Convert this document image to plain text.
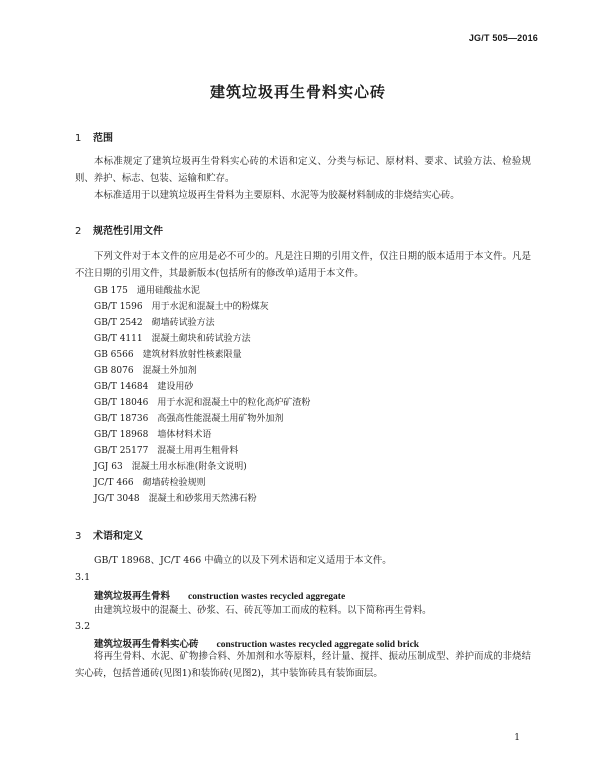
JG/T 505—2016
建筑垃圾再生骨料实心砖
1 范围
本标准规定了建筑垃圾再生骨料实心砖的术语和定义、分类与标记、原材料、要求、试验方法、检验规则、养护、标志、包装、运输和贮存。
本标准适用于以建筑垃圾再生骨料为主要原料、水泥等为胶凝材料制成的非烧结实心砖。
2 规范性引用文件
下列文件对于本文件的应用是必不可少的。凡是注日期的引用文件，仅注日期的版本适用于本文件。凡是不注日期的引用文件，其最新版本(包括所有的修改单)适用于本文件。
GB 175 通用硅酸盐水泥
GB/T 1596 用于水泥和混凝土中的粉煤灰
GB/T 2542 砌墙砖试验方法
GB/T 4111 混凝土砌块和砖试验方法
GB 6566 建筑材料放射性核素限量
GB 8076 混凝土外加剂
GB/T 14684 建设用砂
GB/T 18046 用于水泥和混凝土中的粒化高炉矿渣粉
GB/T 18736 高强高性能混凝土用矿物外加剂
GB/T 18968 墙体材料术语
GB/T 25177 混凝土用再生粗骨料
JGJ 63 混凝土用水标准(附条文说明)
JC/T 466 砌墙砖检验规则
JG/T 3048 混凝土和砂浆用天然沸石粉
3 术语和定义
GB/T 18968、JC/T 466 中确立的以及下列术语和定义适用于本文件。
3.1
建筑垃圾再生骨料 construction wastes recycled aggregate
由建筑垃圾中的混凝土、砂浆、石、砖瓦等加工而成的粒料。以下简称再生骨料。
3.2
建筑垃圾再生骨料实心砖 construction wastes recycled aggregate solid brick
将再生骨料、水泥、矿物掺合料、外加剂和水等原料，经计量、搅拌、振动压制成型、养护而成的非烧结实心砖，包括普通砖(见图1)和装饰砖(见图2)，其中装饰砖具有装饰面层。
1
